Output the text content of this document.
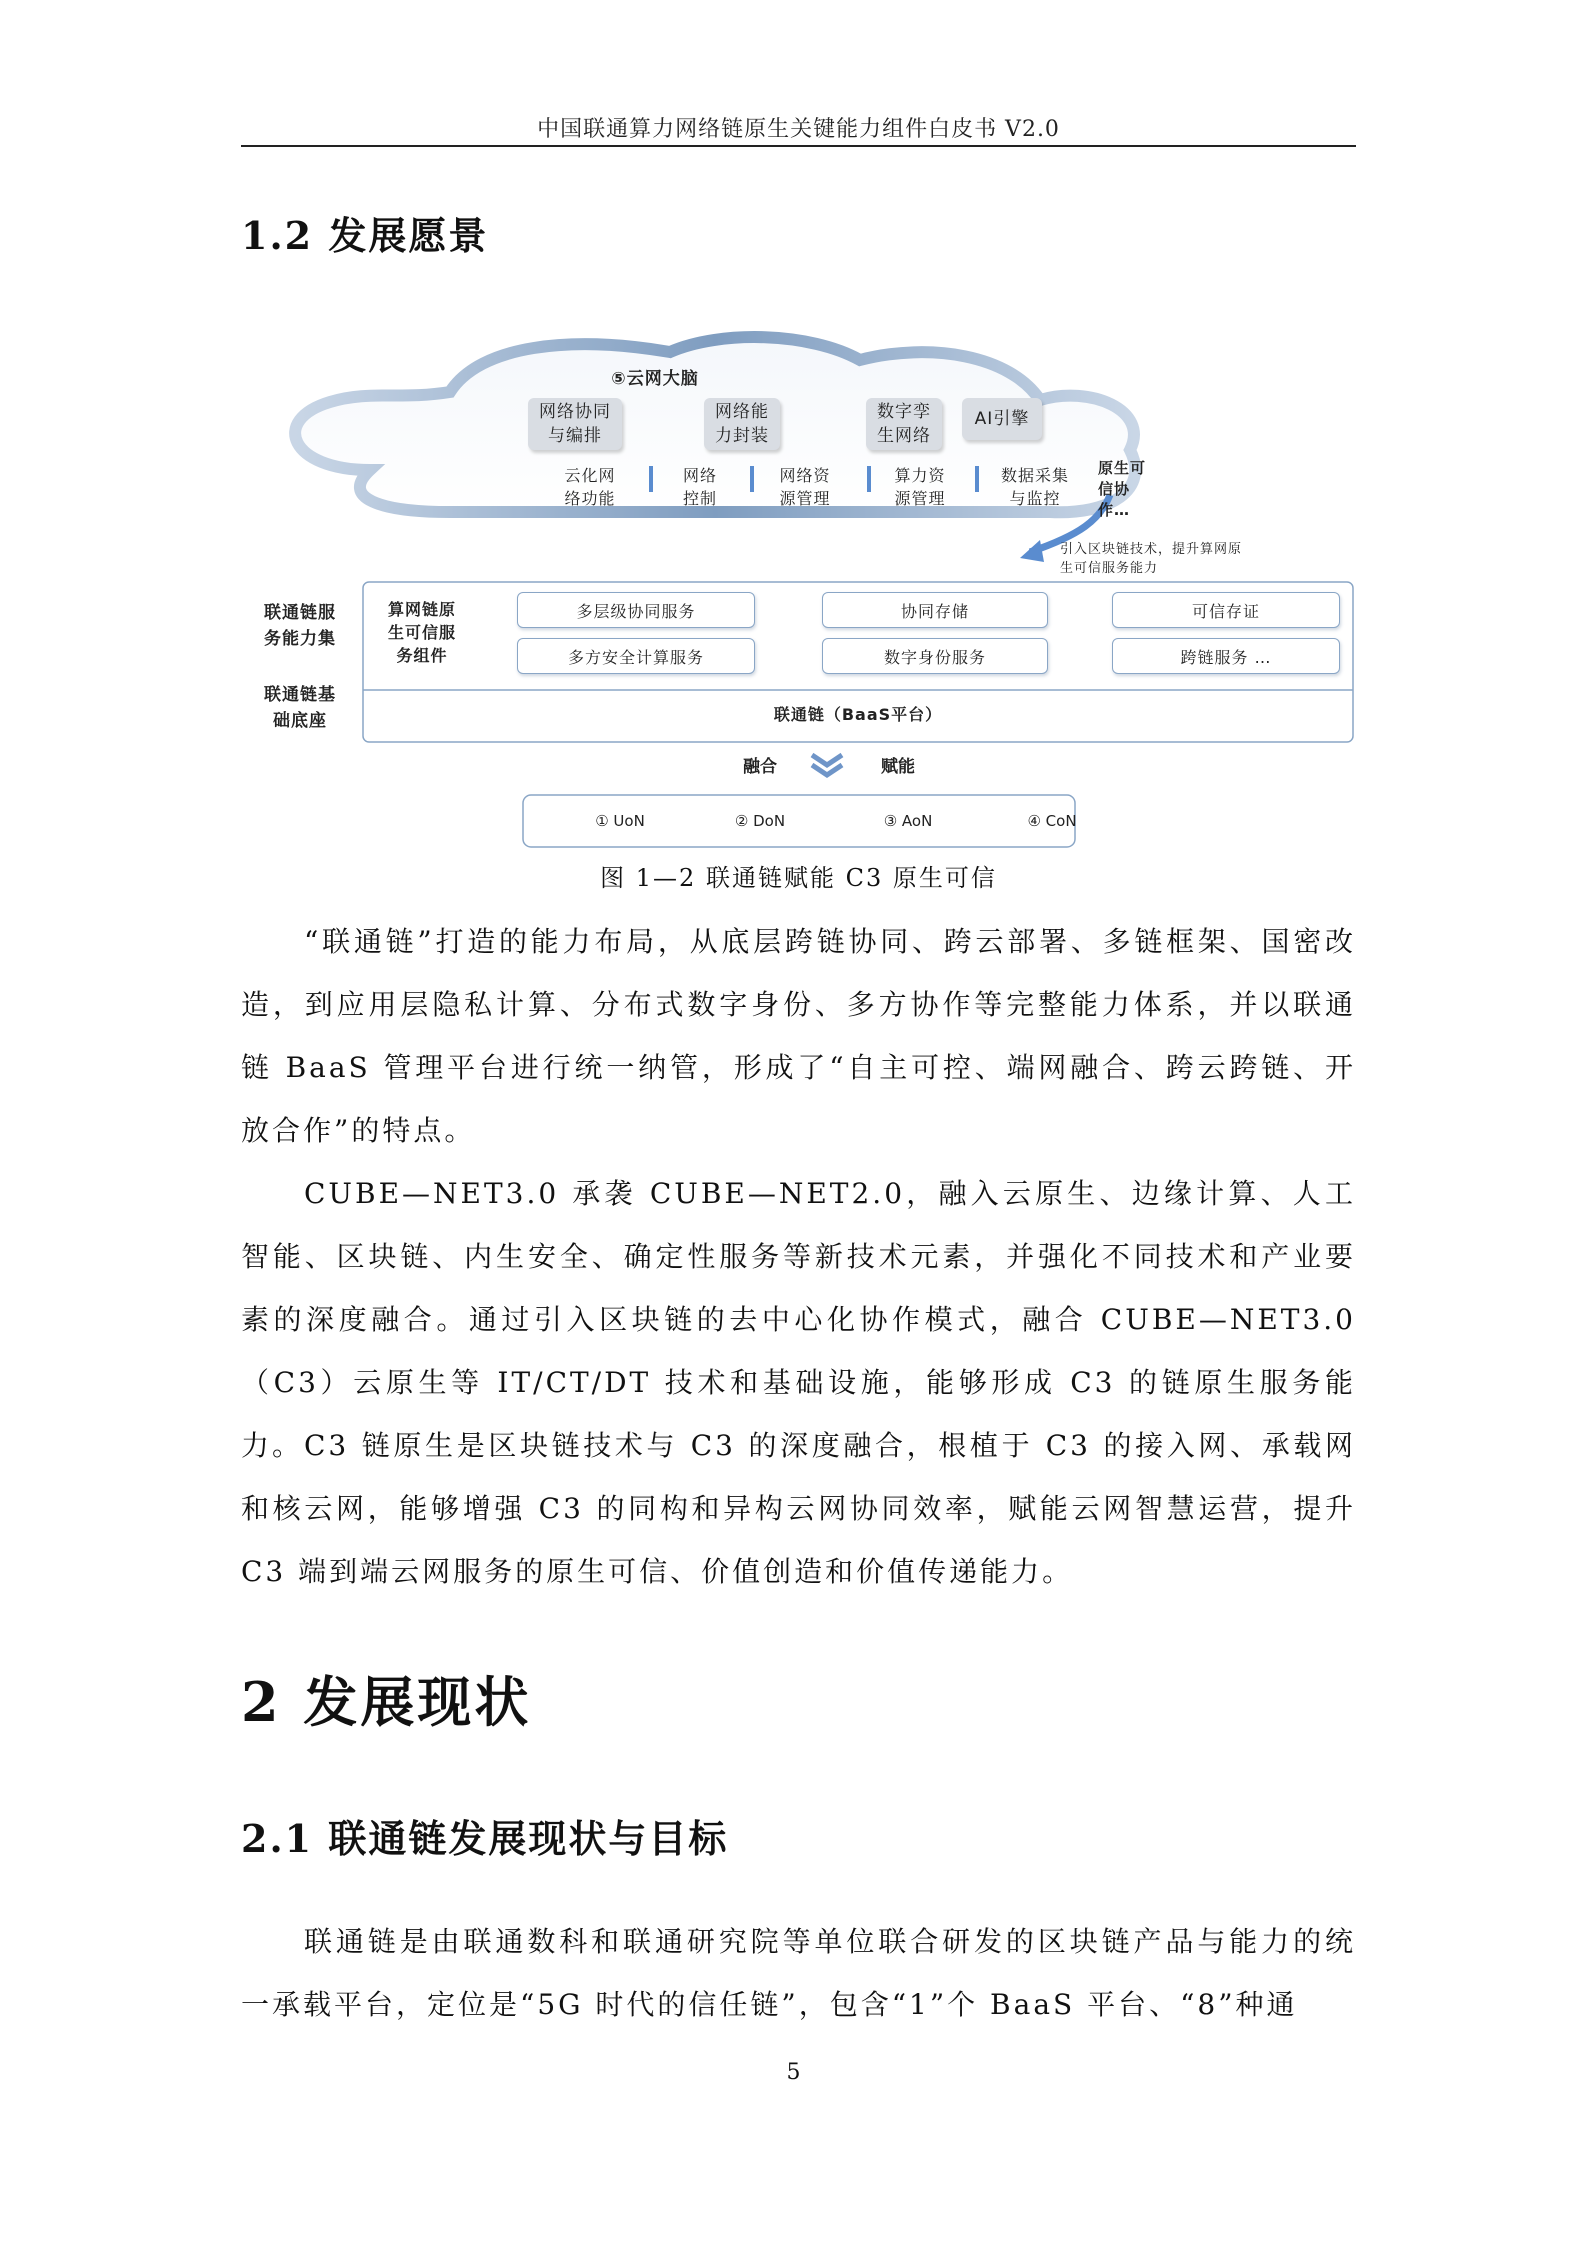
中国联通算力网络链原生关键能力组件白皮书 V2.0
1.2 发展愿景
⑤云网大脑
网络协同
与编排
网络能
力封装
数字孪
生网络
AI引擎
云化网
络功能
网络
控制
网络资
源管理
算力资
源管理
数据采集
与监控
原生可
信协
作…
引入区块链技术，提升算网原
生可信服务能力
联通链服
务能力集
联通链基
础底座
算网链原
生可信服
务组件
多层级协同服务	协同存储	可信存证
多方安全计算服务	数字身份服务	跨链服务 …
联通链（BaaS平台）
融合	赋能
① UoN	② DoN	③ AoN	④ CoN
图 1—2 联通链赋能 C3 原生可信

“联通链”打造的能力布局，从底层跨链协同、跨云部署、多链框架、国密改造，到应用层隐私计算、分布式数字身份、多方协作等完整能力体系，并以联通链 BaaS 管理平台进行统一纳管，形成了“自主可控、端网融合、跨云跨链、开放合作”的特点。

CUBE—NET3.0 承袭 CUBE—NET2.0，融入云原生、边缘计算、人工智能、区块链、内生安全、确定性服务等新技术元素，并强化不同技术和产业要素的深度融合。通过引入区块链的去中心化协作模式，融合 CUBE—NET3.0（C3）云原生等 IT/CT/DT 技术和基础设施，能够形成 C3 的链原生服务能力。 C3 链原生是区块链技术与 C3 的深度融合，根植于 C3 的接入网、承载网和核云网，能够增强 C3 的同构和异构云网协同效率，赋能云网智慧运营，提升 C3 端到端云网服务的原生可信、价值创造和价值传递能力。

2 发展现状
2.1 联通链发展现状与目标

联通链是由联通数科和联通研究院等单位联合研发的区块链产品与能力的统一承载平台，定位是“5G 时代的信任链”，包含“1”个 BaaS 平台、“8”种通

5
